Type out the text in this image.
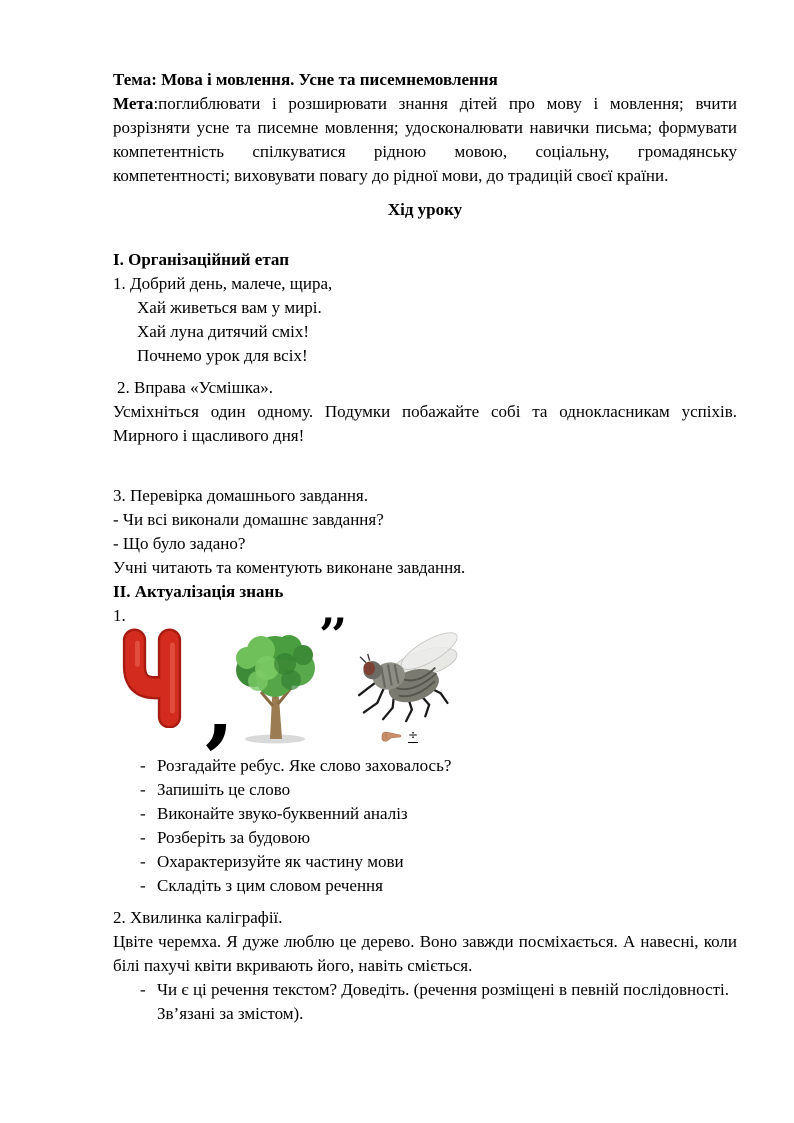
Тема: Мова і мовлення. Усне та писемнемовлення

Мета:поглиблювати і розширювати знання дітей про мову і мовлення; вчити розрізняти усне та писемне мовлення; удосконалювати навички письма; формувати компетентність спілкуватися рідною мовою, соціальну, громадянську компетентності; виховувати повагу до рідної мови, до традицій своєї країни.

Хід уроку

I. Організаційний етап

1. Добрий день, малече, щира,

Хай живеться вам у мирі.

Хай луна дитячий сміх!

Почнемо урок для всіх!

2. Вправа «Усмішка».

Усміхніться один одному. Подумки побажайте собі та однокласникам успіхів. Мирного і щасливого дня!

3. Перевірка домашнього завдання.

- Чи всі виконали домашнє завдання?

- Що було задано?

Учні читають та коментують виконане завдання.

II. Актуалізація знань

1.

,
’’
÷
- Розгадайте ребус. Яке слово заховалось?
- Запишіть це слово
- Виконайте звуко-буквенний аналіз
- Розберіть за будовою
- Охарактеризуйте як частину мови
- Складіть з цим словом речення

2. Хвилинка каліграфії.

Цвіте черемха. Я дуже люблю це дерево. Воно завжди посміхається. А навесні, коли білі пахучі квіти вкривають його, навіть сміється.

- Чи є ці речення текстом? Доведіть. (речення розміщені в певній послідовності. Зв’язані за змістом).
